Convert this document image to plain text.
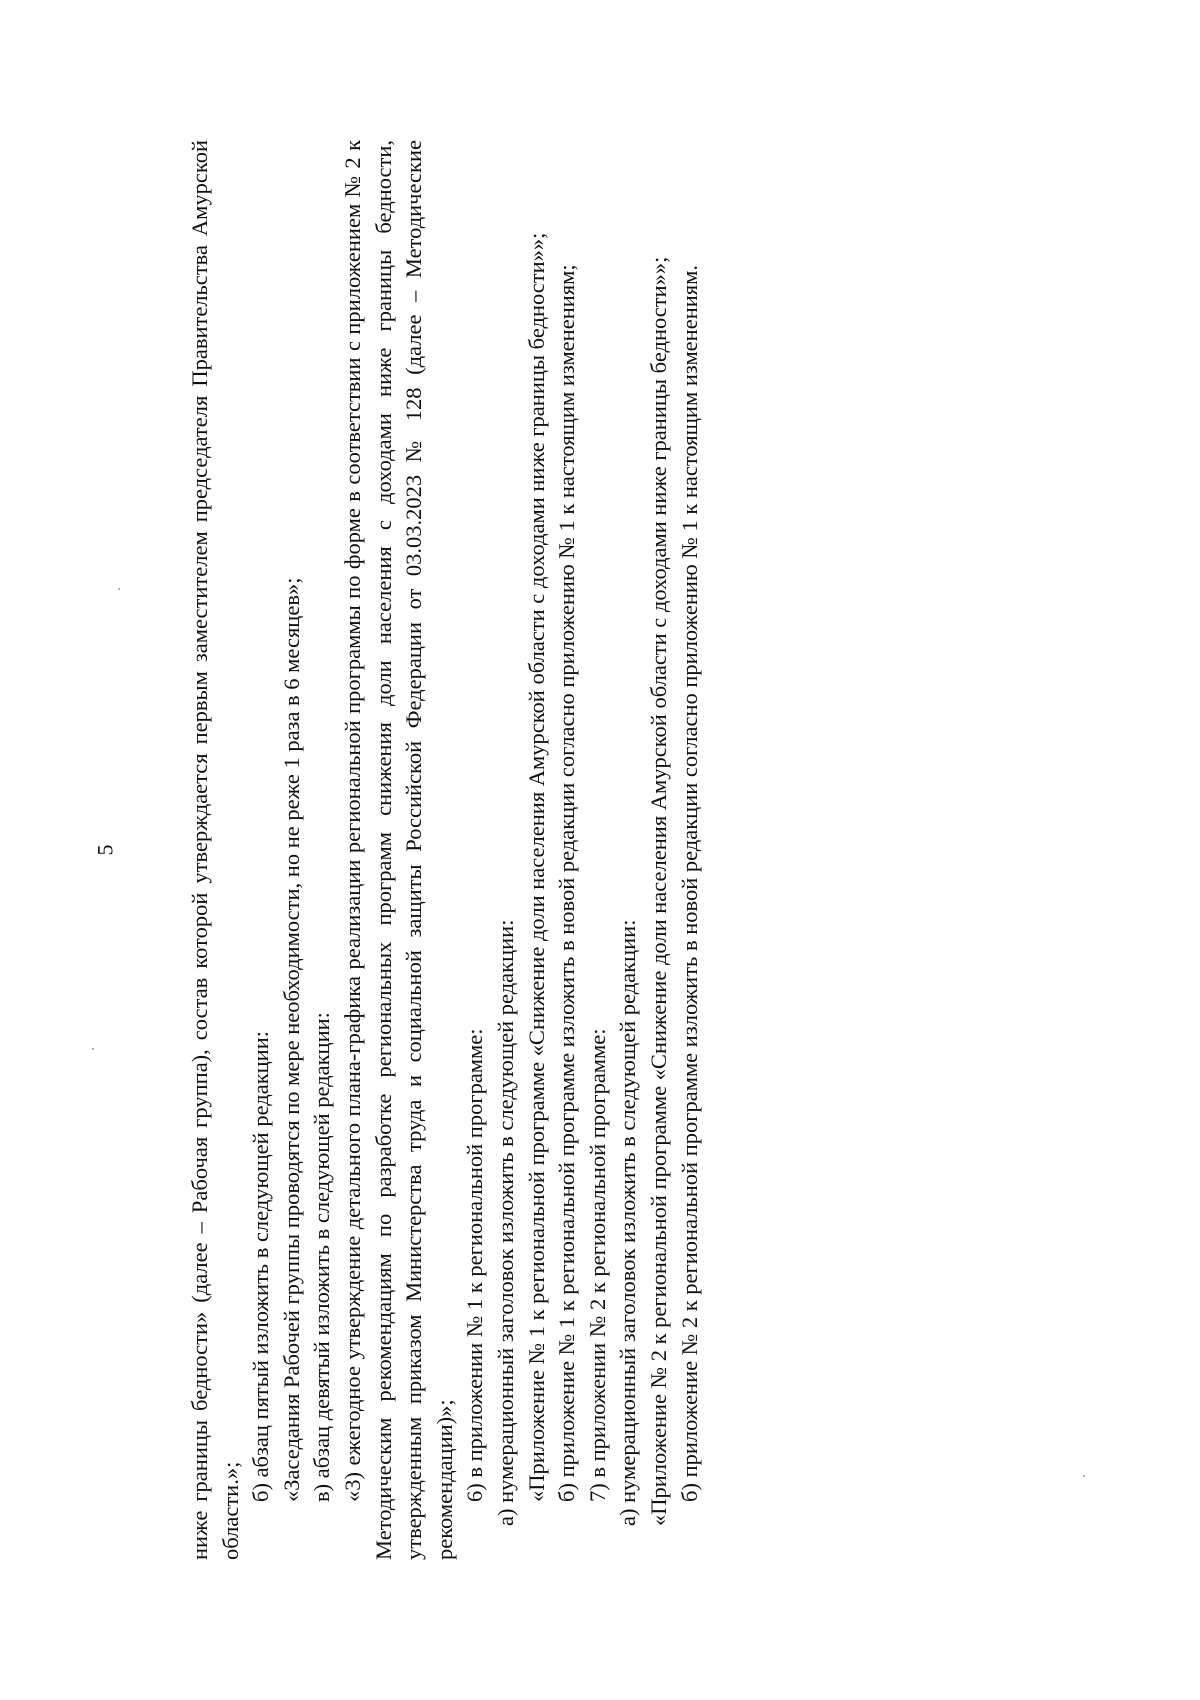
5	ниже границы бедности» (далее – Рабочая группа), состав которой утверждается первым заместителем председателя Правительства Амурской области.»;

б) абзац пятый изложить в следующей редакции: «Заседания Рабочей группы проводятся по мере необходимости, но не реже 1 раза в 6 месяцев»; в) абзац девятый изложить в следующей редакции: «3) ежегодное утверждение детального плана-графика реализации региональной программы по форме в соответствии с приложением № 2 к Методическим рекомендациям по разработке региональных программ снижения доли населения с доходами ниже границы бедности, утвержденным приказом Министерства труда и социальной защиты Российской Федерации от 03.03.2023 № 128 (далее – Методические рекомендации)»; 6) в приложении № 1 к региональной программе: а) нумерационный заголовок изложить в следующей редакции: «Приложение № 1 к региональной программе «Снижение доли населения Амурской области с доходами ниже границы бедности»»; б) приложение № 1 к региональной программе изложить в новой редакции согласно приложению № 1 к настоящим изменениям; 7) в приложении № 2 к региональной программе: а) нумерационный заголовок изложить в следующей редакции: «Приложение № 2 к региональной программе «Снижение доли населения Амурской области с доходами ниже границы бедности»»; б) приложение № 2 к региональной программе изложить в новой редакции согласно приложению № 1 к настоящим изменениям.
